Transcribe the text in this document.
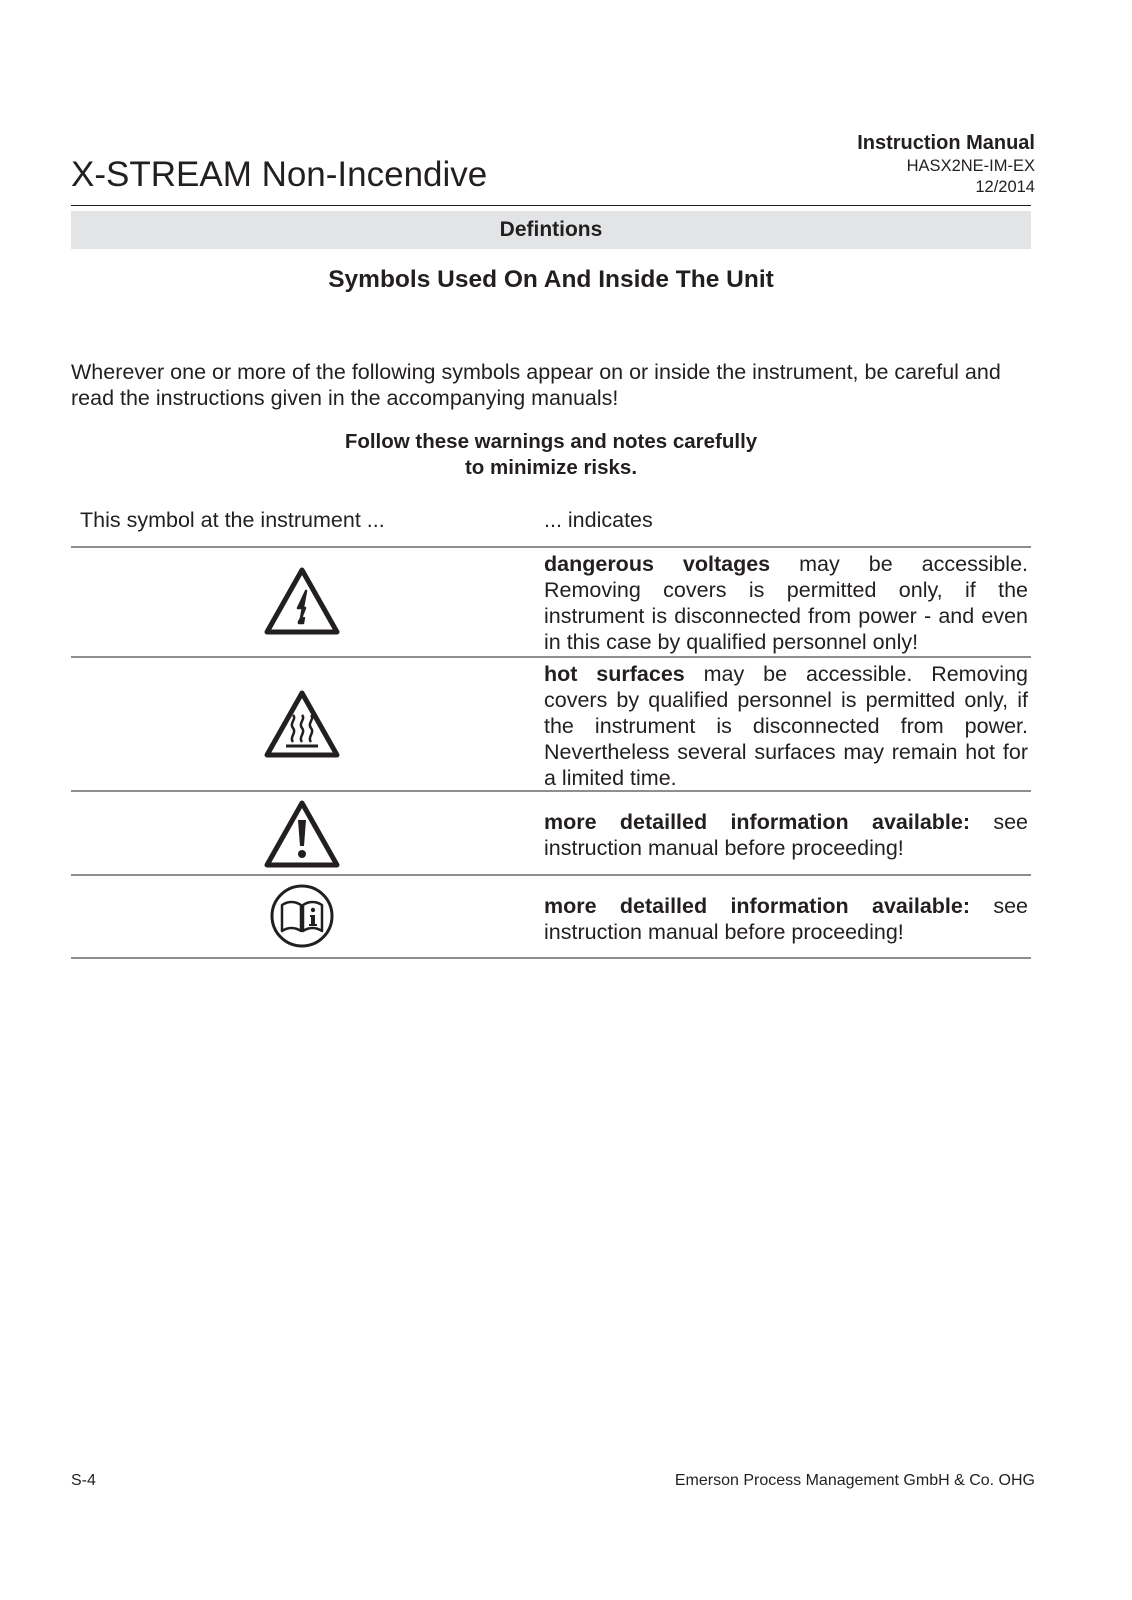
X-STREAM Non-Incendive
Instruction Manual
HASX2NE-IM-EX
12/2014
Defintions
Symbols Used On And Inside The Unit
Wherever one or more of the following symbols appear on or inside the instrument, be careful and read the instructions given in the accompanying manuals!
Follow these warnings and notes carefully
to minimize risks.
This symbol at the instrument ...	... indicates
dangerous voltages may be accessible. Removing covers is permitted only, if the instrument is disconnected from power - and even in this case by qualified personnel only!
hot surfaces may be accessible. Removing covers by qualified personnel is permitted only, if the instrument is disconnected from power. Nevertheless several surfaces may remain hot for a limited time.
more detailled information available: see instruction manual before proceeding!
more detailled information available: see instruction manual before proceeding!
S-4	Emerson Process Management GmbH & Co. OHG
